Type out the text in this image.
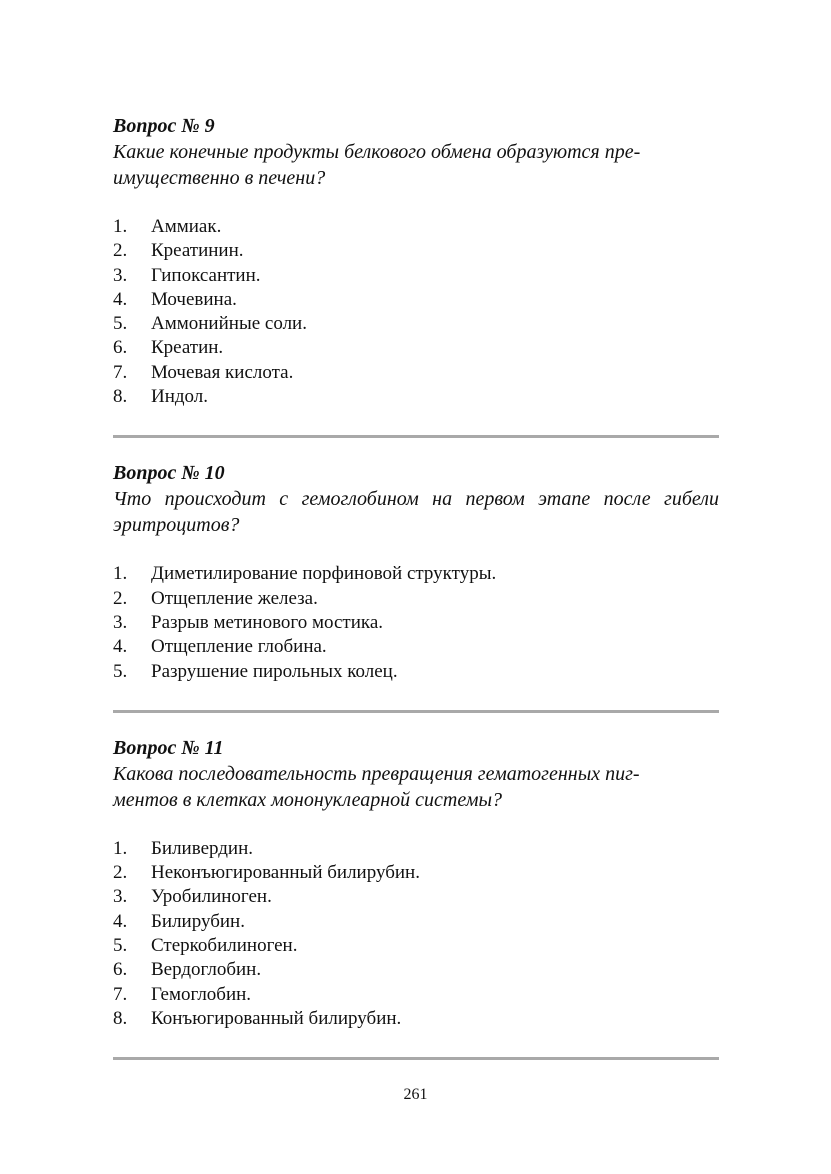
Вопрос № 9

Какие конечные продукты белкового обмена образуются пре-
имущественно в печени?

1.	Аммиак.
2.	Креатинин.
3.	Гипоксантин.
4.	Мочевина.
5.	Аммонийные соли.
6.	Креатин.
7.	Мочевая кислота.
8.	Индол.
Вопрос № 10

Что происходит с гемоглобином на первом этапе после гибели эритроцитов?

1.	Диметилирование порфиновой структуры.
2.	Отщепление железа.
3.	Разрыв метинового мостика.
4.	Отщепление глобина.
5.	Разрушение пирольных колец.
Вопрос № 11

Какова последовательность превращения гематогенных пиг-
ментов в клетках мононуклеарной системы?

1.	Биливердин.
2.	Неконъюгированный билирубин.
3.	Уробилиноген.
4.	Билирубин.
5.	Стеркобилиноген.
6.	Вердоглобин.
7.	Гемоглобин.
8.	Конъюгированный билирубин.
261
